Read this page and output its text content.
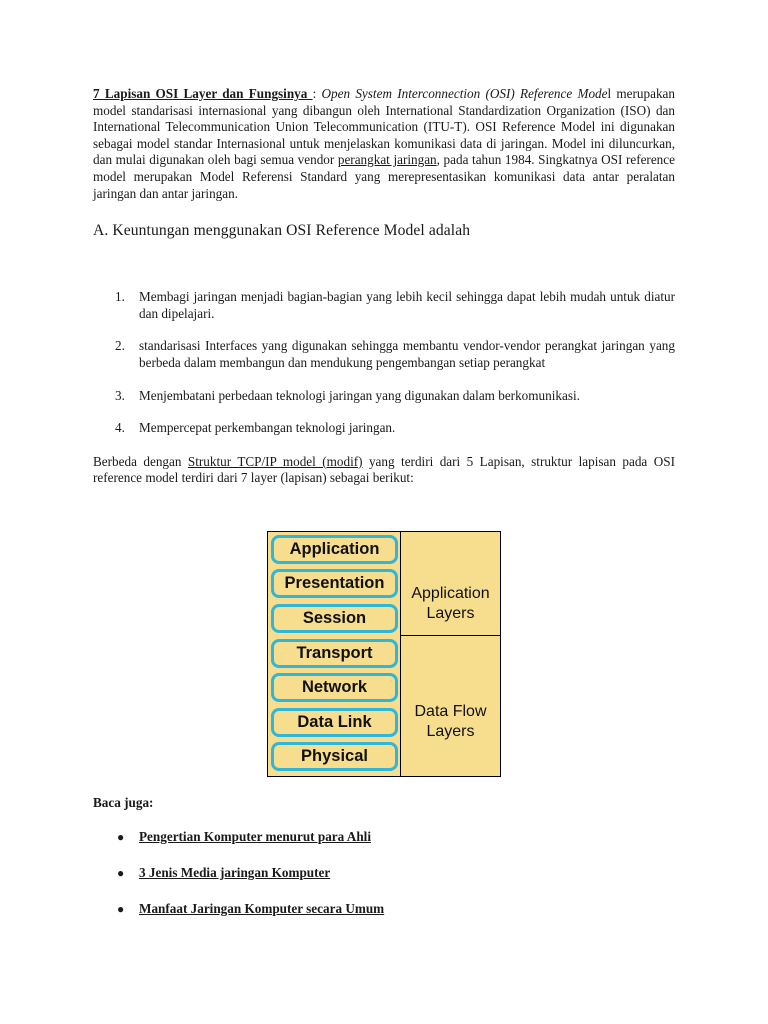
7 Lapisan OSI Layer dan Fungsinya : Open System Interconnection (OSI) Reference Model merupakan model standarisasi internasional yang dibangun oleh International Standardization Organization (ISO) dan International Telecommunication Union Telecommunication (ITU-T). OSI Reference Model ini digunakan sebagai model standar Internasional untuk menjelaskan komunikasi data di jaringan. Model ini diluncurkan, dan mulai digunakan oleh bagi semua vendor perangkat jaringan, pada tahun 1984. Singkatnya OSI reference model merupakan Model Referensi Standard yang merepresentasikan komunikasi data antar peralatan jaringan dan antar jaringan.

A. Keuntungan menggunakan OSI Reference Model adalah
1. Membagi jaringan menjadi bagian-bagian yang lebih kecil sehingga dapat lebih mudah untuk diatur dan dipelajari.
2. standarisasi Interfaces yang digunakan sehingga membantu vendor-vendor perangkat jaringan yang berbeda dalam membangun dan mendukung pengembangan setiap perangkat
3. Menjembatani perbedaan teknologi jaringan yang digunakan dalam berkomunikasi.
4. Mempercepat perkembangan teknologi jaringan.

Berbeda dengan Struktur TCP/IP model (modif) yang terdiri dari 5 Lapisan, struktur lapisan pada OSI reference model terdiri dari 7 layer (lapisan) sebagai berikut:

Application
Presentation
Session
Transport
Network
Data Link
Physical
Application
Layers
Data Flow
Layers
Baca juga:
● Pengertian Komputer menurut para Ahli
● 3 Jenis Media jaringan Komputer
● Manfaat Jaringan Komputer secara Umum
